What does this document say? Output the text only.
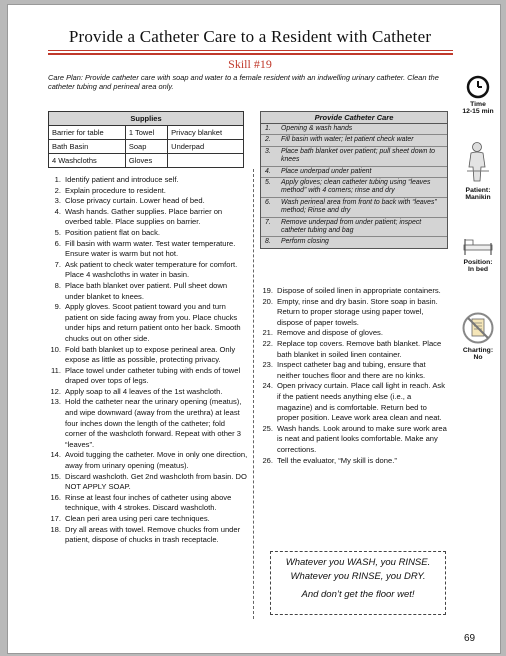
Provide a Catheter Care to a Resident with Catheter
Skill #19
Care Plan: Provide catheter care with soap and water to a female resident with an indwelling urinary catheter. Clean the catheter tubing and perineal area only.
Supplies		
Barrier for table	1 Towel	Privacy blanket
Bath Basin	Soap	Underpad
4 Washcloths	Gloves	
Provide Catheter Care
1. Opening & wash hands
2. Fill basin with water; let patient check water
3. Place bath blanket over patient; pull sheet down to knees
4. Place underpad under patient
5. Apply gloves; clean catheter tubing using “leaves method” with 4 corners; rinse and dry
6. Wash perineal area from front to back with “leaves” method; Rinse and dry
7. Remove underpad from under patient; inspect catheter tubing and bag
8. Perform closing
1. Identify patient and introduce self.
2. Explain procedure to resident.
3. Close privacy curtain. Lower head of bed.
4. Wash hands. Gather supplies. Place barrier on overbed table. Place supplies on barrier.
5. Position patient flat on back.
6. Fill basin with warm water. Test water temperature. Ensure water is warm but not hot.
7. Ask patient to check water temperature for comfort. Place 4 washcloths in water in basin.
8. Place bath blanket over patient. Pull sheet down under blanket to knees.
9. Apply gloves. Scoot patient toward you and turn patient on side facing away from you. Place chucks under hips and return patient onto her back. Smooth chucks out on other side.
10. Fold bath blanket up to expose perineal area. Only expose as little as possible, protecting privacy.
11. Place towel under catheter tubing with ends of towel draped over tops of legs.
12. Apply soap to all 4 leaves of the 1st washcloth.
13. Hold the catheter near the urinary opening (meatus), and wipe downward (away from the urethra) at least four inches down the length of the catheter; fold corner of the washcloth forward. Repeat with other 3 “leaves”.
14. Avoid tugging the catheter. Move in only one direction, away from urinary opening (meatus).
15. Discard washcloth. Get 2nd washcloth from basin. DO NOT APPLY SOAP.
16. Rinse at least four inches of catheter using above technique, with 4 strokes. Discard washcloth.
17. Clean peri area using peri care techniques.
18. Dry all areas with towel. Remove chucks from under patient, dispose of chucks in trash receptacle.
19. Dispose of soiled linen in appropriate containers.
20. Empty, rinse and dry basin. Store soap in basin. Return to proper storage using paper towel, dispose of paper towels.
21. Remove and dispose of gloves.
22. Replace top covers. Remove bath blanket. Place bath blanket in soiled linen container.
23. Inspect catheter bag and tubing, ensure that neither touches floor and there are no kinks.
24. Open privacy curtain. Place call light in reach. Ask if the patient needs anything else (i.e., a magazine) and is comfortable. Return bed to proper position. Leave work area clean and neat.
25. Wash hands. Look around to make sure work area is neat and patient looks comfortable. Make any corrections.
26. Tell the evaluator, “My skill is done.”
Time
12-15 min
Patient:
Manikin
Position:
In bed
Charting:
No
Whatever you WASH, you RINSE.
Whatever you RINSE, you DRY.
And don’t get the floor wet!
69
